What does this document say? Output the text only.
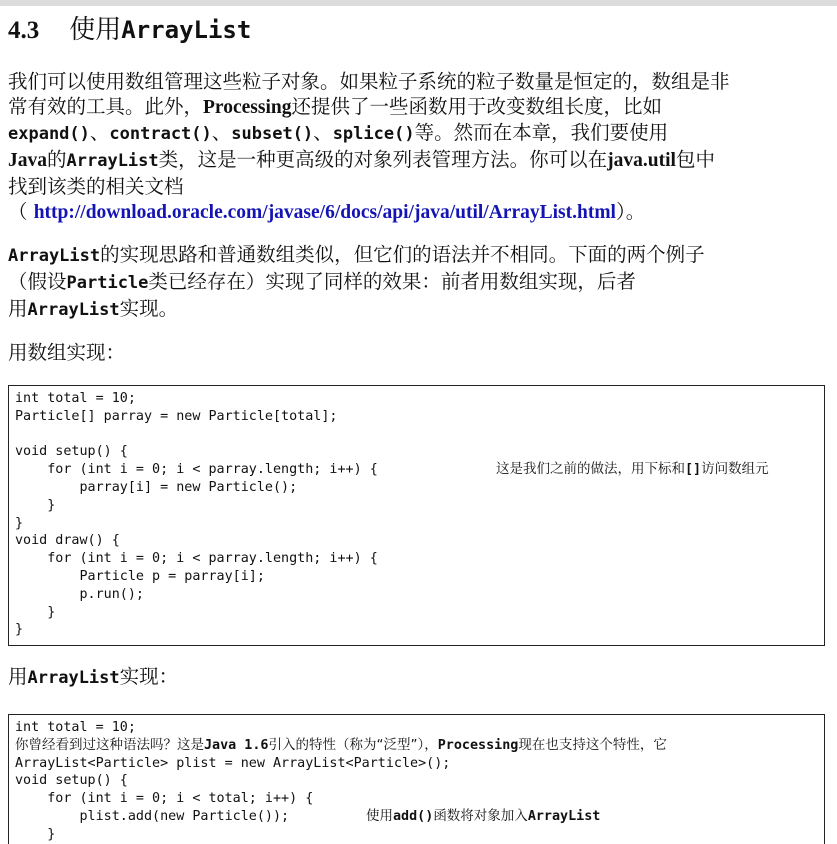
4.3 使用ArrayList

我们可以使用数组管理这些粒子对象。如果粒子系统的粒子数量是恒定的，数组是非
常有效的工具。此外，Processing还提供了一些函数用于改变数组长度，比如
expand()、contract()、subset()、splice()等。然而在本章，我们要使用
Java的ArrayList类，这是一种更高级的对象列表管理方法。你可以在java.util包中
找到该类的相关文档
（ http://download.oracle.com/javase/6/docs/api/java/util/ArrayList.html）。

ArrayList的实现思路和普通数组类似，但它们的语法并不相同。下面的两个例子
（假设Particle类已经存在）实现了同样的效果：前者用数组实现，后者
用ArrayList实现。

用数组实现：

int total = 10;
Particle[] parray = new Particle[total];
void setup() {
for (int i = 0; i < parray.length; i++) {	这是我们之前的做法，用下标和[]访问数组元
parray[i] = new Particle();
}
}
void draw() {
for (int i = 0; i < parray.length; i++) {
Particle p = parray[i];
p.run();
}
}

用ArrayList实现：

int total = 10;
你曾经看到过这种语法吗？这是Java 1.6引入的特性（称为“泛型”），Processing现在也支持这个特性，它
ArrayList<Particle> plist = new ArrayList<Particle>();
void setup() {
for (int i = 0; i < total; i++) {
plist.add(new Particle());	使用add()函数将对象加入ArrayList
}
